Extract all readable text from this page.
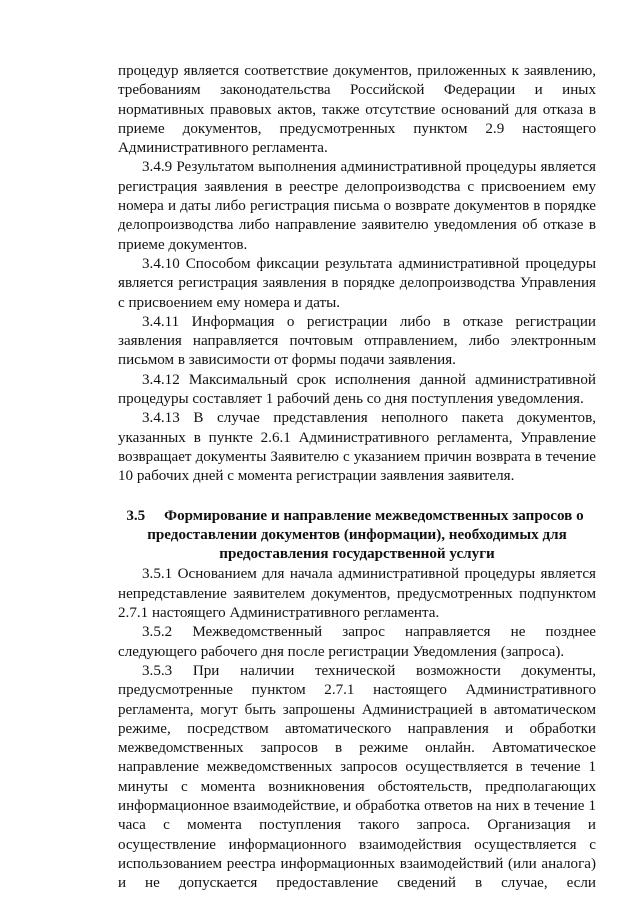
процедур является соответствие документов, приложенных к заявлению, требованиям законодательства Российской Федерации и иных нормативных правовых актов, также отсутствие оснований для отказа в приеме документов, предусмотренных пунктом 2.9 настоящего Административного регламента.

3.4.9 Результатом выполнения административной процедуры является регистрация заявления в реестре делопроизводства с присвоением ему номера и даты либо регистрация письма о возврате документов в порядке делопроизводства либо направление заявителю уведомления об отказе в приеме документов.

3.4.10 Способом фиксации результата административной процедуры является регистрация заявления в порядке делопроизводства Управления с присвоением ему номера и даты.

3.4.11 Информация о регистрации либо в отказе регистрации заявления направляется почтовым отправлением, либо электронным письмом в зависимости от формы подачи заявления.

3.4.12 Максимальный срок исполнения данной административной процедуры составляет 1 рабочий день со дня поступления уведомления.

3.4.13 В случае представления неполного пакета документов, указанных в пункте 2.6.1 Административного регламента, Управление возвращает документы Заявителю с указанием причин возврата в течение 10 рабочих дней с момента регистрации заявления заявителя.

3.5 Формирование и направление межведомственных запросов о предоставлении документов (информации), необходимых для предоставления государственной услуги

3.5.1 Основанием для начала административной процедуры является непредставление заявителем документов, предусмотренных подпунктом 2.7.1 настоящего Административного регламента.

3.5.2 Межведомственный запрос направляется не позднее следующего рабочего дня после регистрации Уведомления (запроса).

3.5.3 При наличии технической возможности документы, предусмотренные пунктом 2.7.1 настоящего Административного регламента, могут быть запрошены Администрацией в автоматическом режиме, посредством автоматического направления и обработки межведомственных запросов в режиме онлайн. Автоматическое направление межведомственных запросов осуществляется в течение 1 минуты с момента возникновения обстоятельств, предполагающих информационное взаимодействие, и обработка ответов на них в течение 1 часа с момента поступления такого запроса. Организация и осуществление информационного взаимодействия осуществляется с использованием реестра информационных взаимодействий (или аналога) и не допускается предоставление сведений в случае, если
